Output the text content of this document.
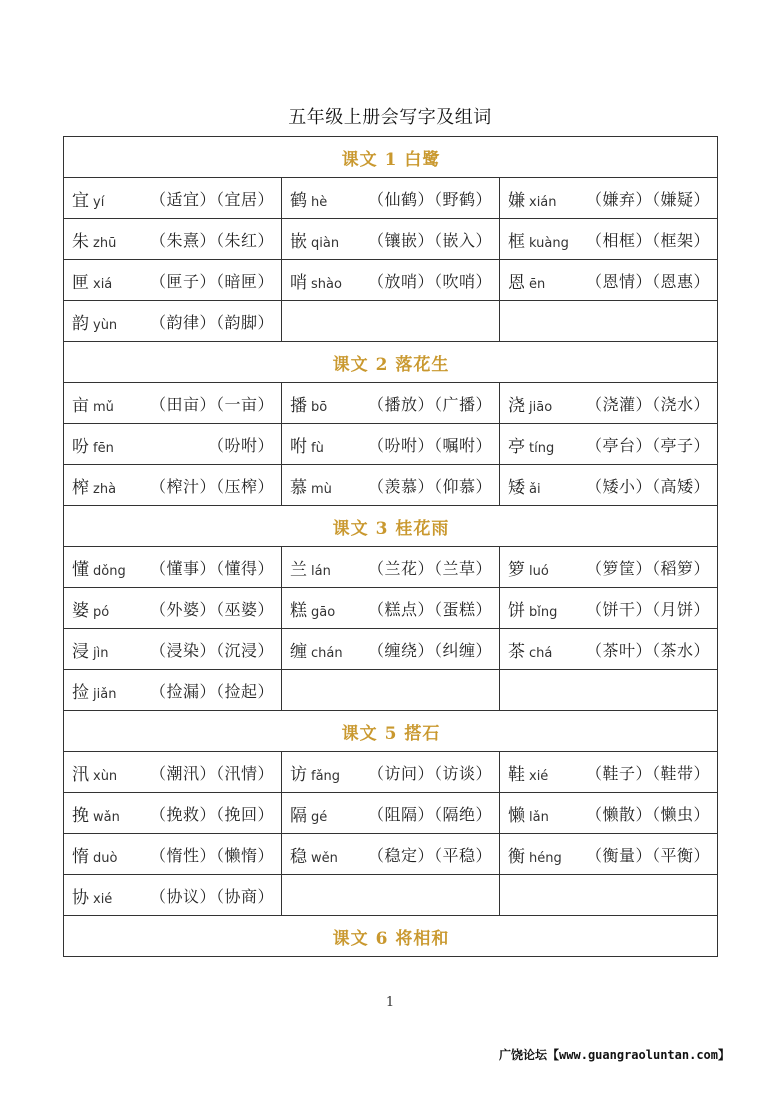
五年级上册会写字及组词
课文 1 白鹭		

宜 yí （适宜）（宜居）	鹤 hè （仙鹤）（野鹤）	嫌 xián （嫌弃）（嫌疑）

朱 zhū （朱熹）（朱红）	嵌 qiàn （镶嵌）（嵌入）	框 kuàng （相框）（框架）

匣 xiá （匣子）（暗匣）	哨 shào （放哨）（吹哨）	恩 ēn （恩情）（恩惠）

韵 yùn （韵律）（韵脚）		

课文 2 落花生		

亩 mǔ （田亩）（一亩）	播 bō （播放）（广播）	浇 jiāo （浇灌）（浇水）

吩 fēn （吩咐）	咐 fù （吩咐）（嘱咐）	亭 tíng （亭台）（亭子）

榨 zhà （榨汁）（压榨）	慕 mù （羡慕）（仰慕）	矮 ǎi （矮小）（高矮）

课文 3 桂花雨		

懂 dǒng （懂事）（懂得）	兰 lán （兰花）（兰草）	箩 luó （箩筐）（稻箩）

婆 pó （外婆）（巫婆）	糕 gāo （糕点）（蛋糕）	饼 bǐng （饼干）（月饼）

浸 jìn （浸染）（沉浸）	缠 chán （缠绕）（纠缠）	茶 chá （茶叶）（茶水）

捡 jiǎn （捡漏）（捡起）		

课文 5 搭石		

汛 xùn （潮汛）（汛情）	访 fǎng （访问）（访谈）	鞋 xié （鞋子）（鞋带）

挽 wǎn （挽救）（挽回）	隔 gé （阻隔）（隔绝）	懒 lǎn （懒散）（懒虫）

惰 duò （惰性）（懒惰）	稳 wěn （稳定）（平稳）	衡 héng （衡量）（平衡）

协 xié （协议）（协商）		

课文 6 将相和		
1
广饶论坛【www.guangraoluntan.com】
